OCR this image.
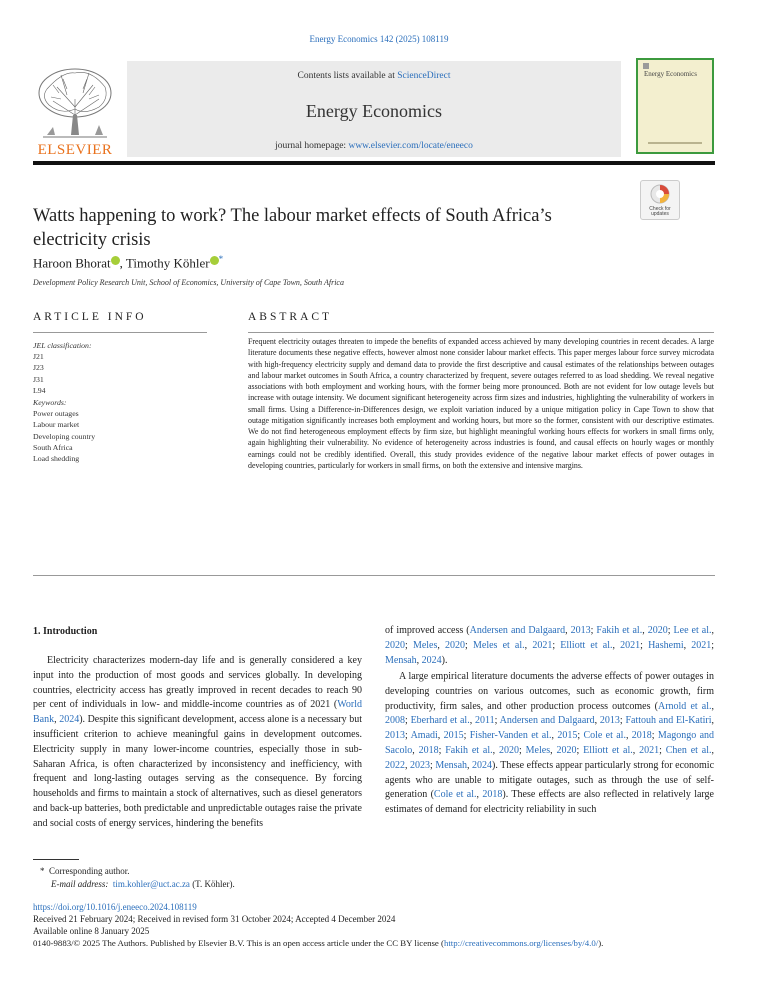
Energy Economics 142 (2025) 108119
ELSEVIER
Contents lists available at ScienceDirect
Energy Economics
journal homepage: www.elsevier.com/locate/eneeco
Energy Economics
Check for updates
Watts happening to work? The labour market effects of South Africa’s electricity crisis
Haroon Bhorat , Timothy Köhler *
Development Policy Research Unit, School of Economics, University of Cape Town, South Africa
ARTICLE INFO
JEL classification:
J21
J23
J31
L94
Keywords:
Power outages
Labour market
Developing country
South Africa
Load shedding
ABSTRACT
Frequent electricity outages threaten to impede the benefits of expanded access achieved by many developing countries in recent decades. A large literature documents these negative effects, however almost none consider labour market effects. This paper merges labour force survey microdata with high-frequency electricity supply and demand data to provide the first descriptive and causal estimates of the relationships between outages and labour market outcomes in South Africa, a country characterized by frequent, severe outages referred to as load shedding. We reveal negative associations with both employment and working hours, with the former being more pronounced. Both are not evident for low outage levels but increase with outage intensity. We document significant heterogeneity across firm sizes and industries, highlighting the vulnerability of workers in small firms. Using a Difference-in-Differences design, we exploit variation induced by a unique mitigation policy in Cape Town to show that outage mitigation significantly increases both employment and working hours, but more so the former, consistent with our descriptive estimates. We do not find heterogeneous employment effects by firm size, but highlight meaningful working hours effects for workers in small firms only, again highlighting their vulnerability. No evidence of heterogeneity across industries is found, and causal effects on hourly wages or monthly earnings could not be credibly identified. Overall, this study provides evidence of the negative labour market effects of power outages in developing countries, particularly for workers in small firms, on both the extensive and intensive margins.
1. Introduction
Electricity characterizes modern-day life and is generally considered a key input into the production of most goods and services globally. In developing countries, electricity access has greatly improved in recent decades to reach 90 per cent of individuals in low- and middle-income countries as of 2021 (World Bank, 2024). Despite this significant development, access alone is a necessary but insufficient criterion to achieve meaningful gains in development outcomes. Electricity supply in many lower-income countries, especially those in sub-Saharan Africa, is often characterized by inconsistency and inefficiency, with frequent and long-lasting outages serving as the consequence. By forcing households and firms to maintain a stock of alternatives, such as diesel generators and back-up batteries, both predictable and unpredictable outages raise the private and social costs of energy services, hindering the benefits
of improved access (Andersen and Dalgaard, 2013; Fakih et al., 2020; Lee et al., 2020; Meles, 2020; Meles et al., 2021; Elliott et al., 2021; Hashemi, 2021; Mensah, 2024).
A large empirical literature documents the adverse effects of power outages in developing countries on various outcomes, such as economic growth, firm productivity, firm sales, and other production process outcomes (Arnold et al., 2008; Eberhard et al., 2011; Andersen and Dalgaard, 2013; Fattouh and El-Katiri, 2013; Amadi, 2015; Fisher-Vanden et al., 2015; Cole et al., 2018; Magongo and Sacolo, 2018; Fakih et al., 2020; Meles, 2020; Elliott et al., 2021; Chen et al., 2022, 2023; Mensah, 2024). These effects appear particularly strong for economic agents who are unable to mitigate outages, such as through the use of self-generation (Cole et al., 2018). These effects are also reflected in relatively large estimates of demand for electricity reliability in such
* Corresponding author.
E-mail address: tim.kohler@uct.ac.za (T. Köhler).
https://doi.org/10.1016/j.eneeco.2024.108119
Received 21 February 2024; Received in revised form 31 October 2024; Accepted 4 December 2024
Available online 8 January 2025
0140-9883/© 2025 The Authors. Published by Elsevier B.V. This is an open access article under the CC BY license (http://creativecommons.org/licenses/by/4.0/).
